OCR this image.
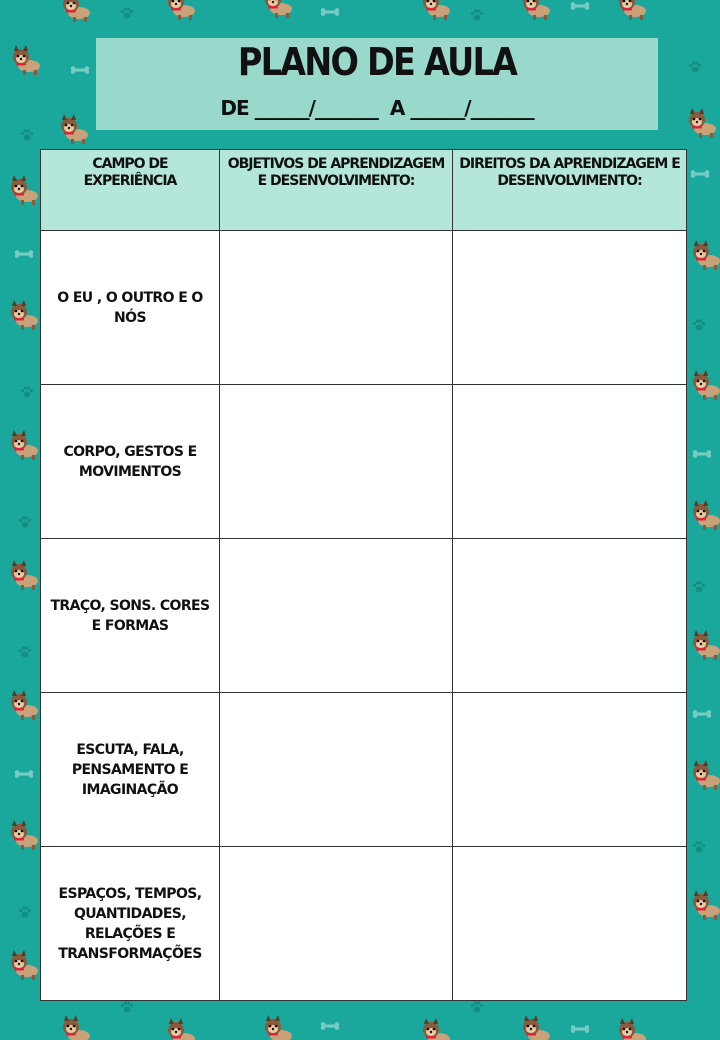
PLANO DE AULA
DE ______/_______  A ______/_______
CAMPO DE EXPERIÊNCIA	OBJETIVOS DE APRENDIZAGEM E DESENVOLVIMENTO:	DIREITOS DA APRENDIZAGEM E DESENVOLVIMENTO:
O EU , O OUTRO E O NÓS		
CORPO, GESTOS E MOVIMENTOS		
TRAÇO, SONS. CORES E FORMAS		
ESCUTA, FALA, PENSAMENTO E IMAGINAÇÃO		
ESPAÇOS, TEMPOS, QUANTIDADES, RELAÇÕES E TRANSFORMAÇÕES		
